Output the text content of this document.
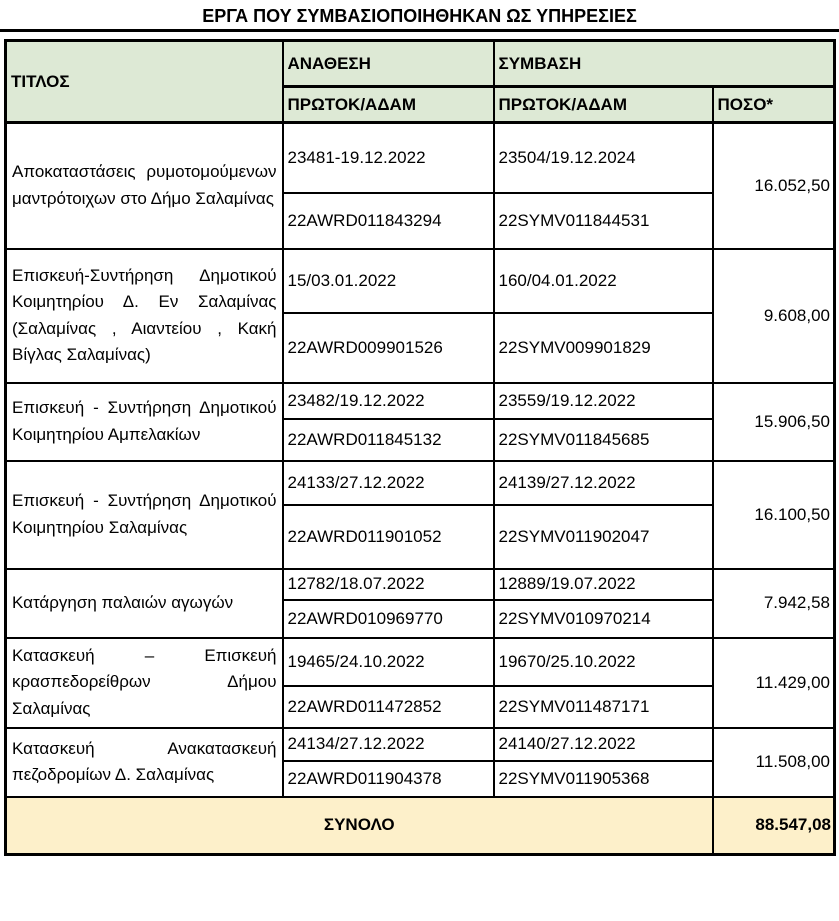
ΕΡΓΑ ΠΟΥ ΣΥΜΒΑΣΙΟΠΟΙΗΘΗΚΑΝ ΩΣ ΥΠΗΡΕΣΙΕΣ
ΤΙΤΛΟΣ	ΑΝΑΘΕΣΗ	ΣΥΜΒΑΣΗ	
	ΠΡΩΤΟΚ/ΑΔΑΜ	ΠΡΩΤΟΚ/ΑΔΑΜ	ΠΟΣΟ*
Αποκαταστάσεις ρυμοτομούμενων μαντρότοιχων στο Δήμο Σαλαμίνας	23481-19.12.2022	23504/19.12.2024	16.052,50
	22AWRD011843294	22SYMV011844531	
Επισκευή-Συντήρηση Δημοτικού Κοιμητηρίου Δ. Εν Σαλαμίνας (Σαλαμίνας , Αιαντείου , Κακή Βίγλας Σαλαμίνας)	15/03.01.2022	160/04.01.2022	9.608,00
	22AWRD009901526	22SYMV009901829	
Επισκευή - Συντήρηση Δημοτικού Κοιμητηρίου Αμπελακίων	23482/19.12.2022	23559/19.12.2022	15.906,50
	22AWRD011845132	22SYMV011845685	
Επισκευή - Συντήρηση Δημοτικού Κοιμητηρίου Σαλαμίνας	24133/27.12.2022	24139/27.12.2022	16.100,50
	22AWRD011901052	22SYMV011902047	
Κατάργηση παλαιών αγωγών	12782/18.07.2022	12889/19.07.2022	7.942,58
	22AWRD010969770	22SYMV010970214	
Κατασκευή – Επισκευή κρασπεδορείθρων Δήμου Σαλαμίνας	19465/24.10.2022	19670/25.10.2022	11.429,00
	22AWRD011472852	22SYMV011487171	
Κατασκευή Ανακατασκευή πεζοδρομίων Δ. Σαλαμίνας	24134/27.12.2022	24140/27.12.2022	11.508,00
	22AWRD011904378	22SYMV011905368	
ΣΥΝΟΛΟ			88.547,08
